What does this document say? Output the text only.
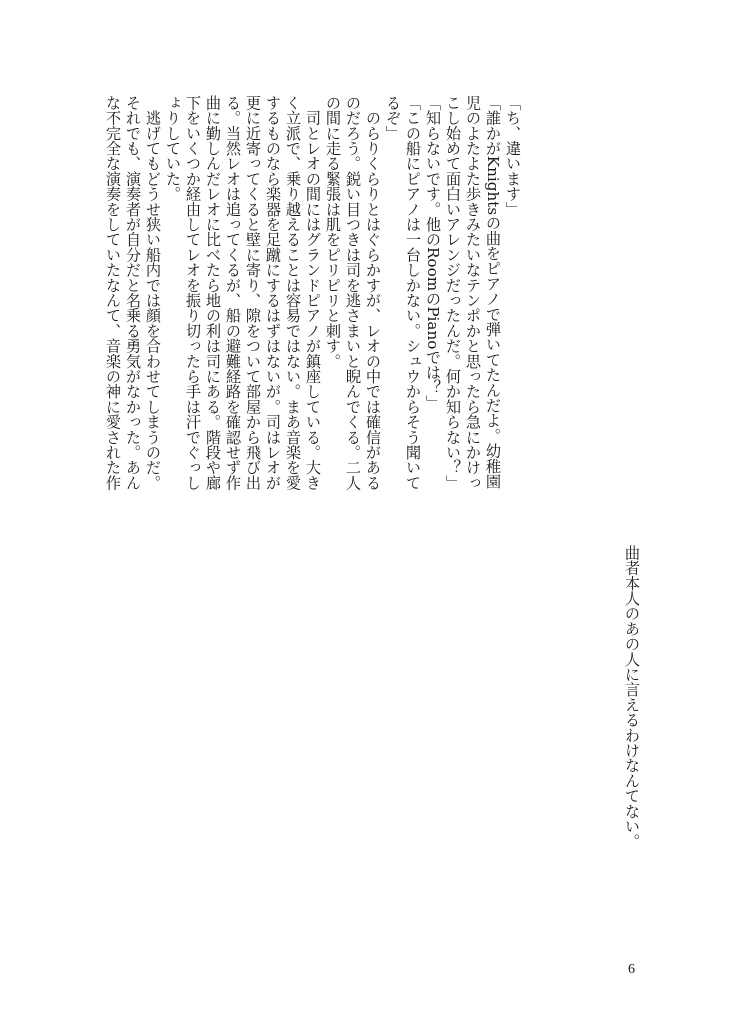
「ち、違います」
「誰かがKnightsの曲をピアノで弾いてたんだよ。幼稚園
児のよたよた歩きみたいなテンポかと思ったら急にかけっ
こし始めて面白いアレンジだったんだ。何か知らない？」
「知らないです。他のRoomのPianoでは？」
「この船にピアノは一台しかない。シュウからそう聞いて
るぞ」
　のらりくらりとはぐらかすが、レオの中では確信がある
のだろう。鋭い目つきは司を逃さまいと睨んでくる。二人
の間に走る緊張は肌をピリピリと刺す。
　司とレオの間にはグランドピアノが鎮座している。大き
く立派で、乗り越えることは容易ではない。まあ音楽を愛
するものなら楽器を足蹴にするはずはないが。司はレオが
更に近寄ってくると壁に寄り、隙をついて部屋から飛び出
る。当然レオは追ってくるが、船の避難経路を確認せず作
曲に勤しんだレオに比べたら地の利は司にある。階段や廊
下をいくつか経由してレオを振り切ったら手は汗でぐっし
ょりしていた。
　逃げてもどうせ狭い船内では顔を合わせてしまうのだ。
それでも、演奏者が自分だと名乗る勇気がなかった。あん
な不完全な演奏をしていたなんて、音楽の神に愛された作
曲者本人のあの人に言えるわけなんてない。
6
